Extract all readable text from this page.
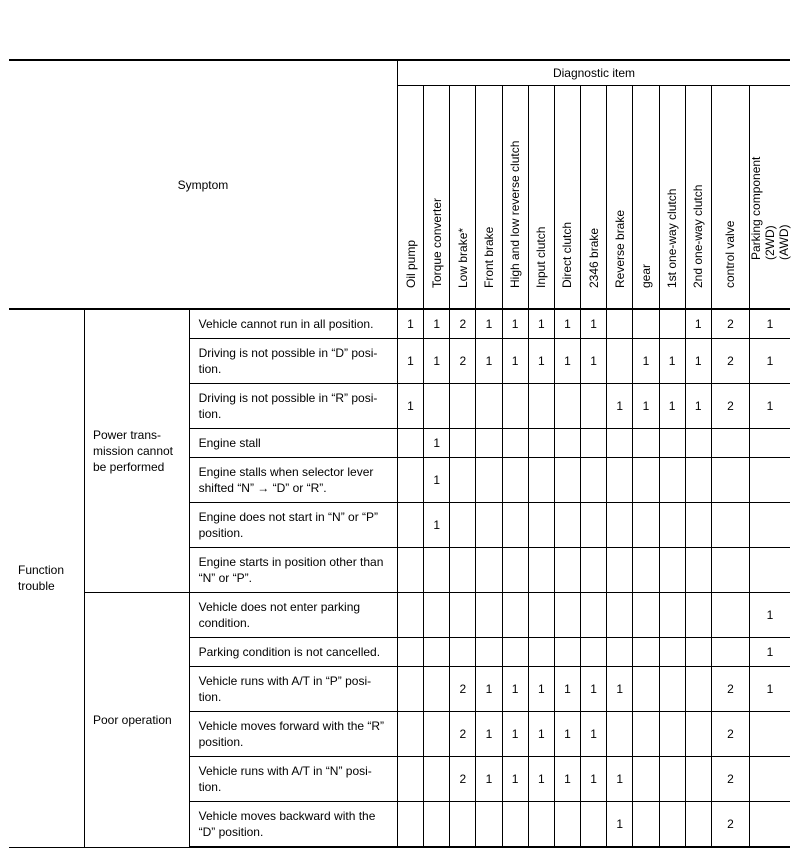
Symptom			Diagnostic item													

			Oil pump	Torque converter	Low brake*	Front brake	High and low reverse clutch	Input clutch	Direct clutch	2346 brake	Reverse brake	gear	1st one-way clutch	2nd one-way clutch	control valve	Parking component (2WD) (AWD)

Function trouble	Power trans-mission cannot be performed	Vehicle cannot run in all position.	1	1	2	1	1	1	1	1				1	2	1
		Driving is not possible in “D” posi-tion.	1	1	2	1	1	1	1	1		1	1	1	2	1
		Driving is not possible in “R” posi-tion.	1								1	1	1	1	2	1
		Engine stall		1												
		Engine stalls when selector lever shifted “N” → “D” or “R”.		1												
		Engine does not start in “N” or “P” position.		1												
		Engine starts in position other than “N” or “P”.														
	Poor operation	Vehicle does not enter parking condition.														1
		Parking condition is not cancelled.														1
		Vehicle runs with A/T in “P” posi-tion.			2	1	1	1	1	1	1				2	1
		Vehicle moves forward with the “R” position.			2	1	1	1	1	1					2	
		Vehicle runs with A/T in “N” posi-tion.			2	1	1	1	1	1	1				2	
		Vehicle moves backward with the “D” position.									1				2	
